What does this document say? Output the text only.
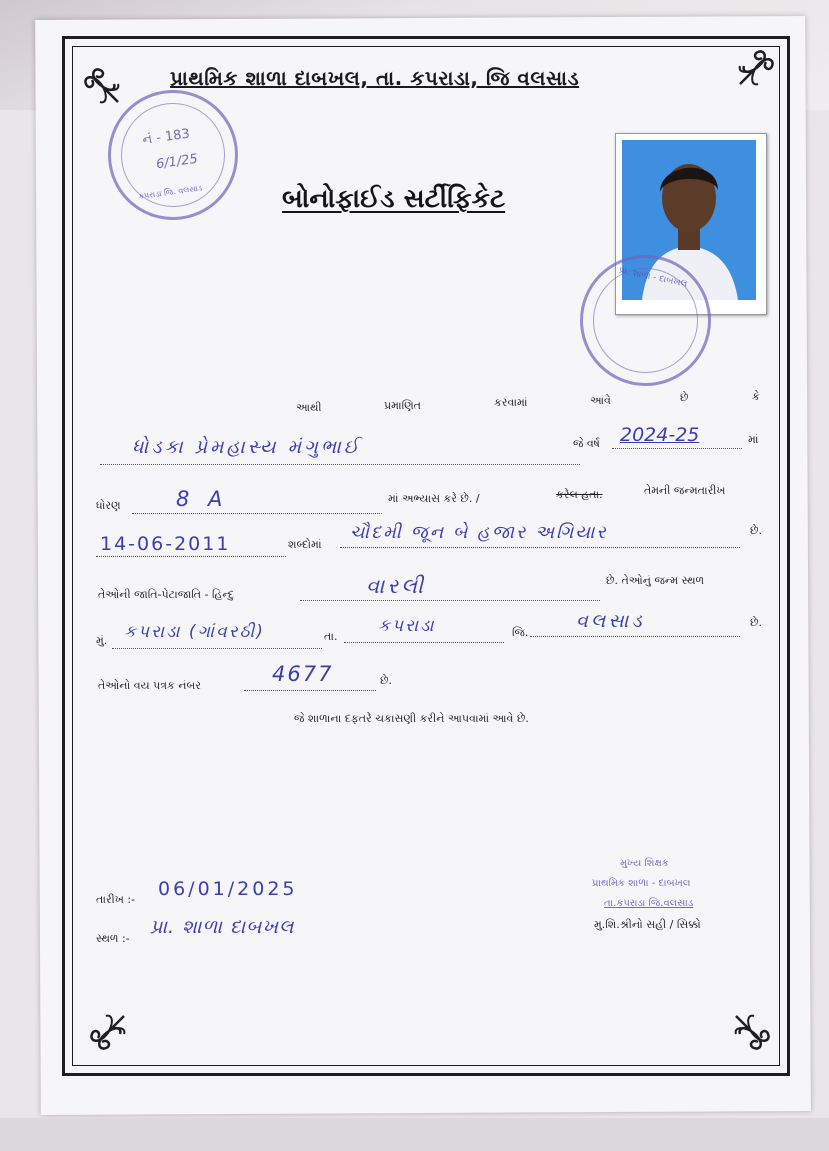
પ્રાથમિક શાળા દાબખલ, તા. કપરાડા, જિ વલસાડ
નં - 183
6/1/25
કપરાડા જિ. વલસાડ	બોનોફાઈડ સર્ટીફિકેટ
પ્રા. શાળા - દાબખલ
આથી	પ્રમાણિત	કરવામાં	આવે	છે	કે
ધોડકા પ્રેમહાસ્ય મંગુભાઈ	જે વર્ષ 2024-25	માં
ધોરણ	8 A	માં અભ્યાસ કરે છે. /	કરેલ હતા.	તેમની જન્મતારીખ
14-06-2011	શબ્દોમાં
ચૌદમી જૂન બે હજાર અગિયાર	છે.
તેઓની જાતિ-પેટાજાતિ - હિન્દુ	વારલી	છે. તેઓનું જન્મ સ્થળ
મું. કપરાડા (ગાંવરઠી)	તા.
કપરાડા	જિ.
વલસાડ	છે.
તેઓનો વય પત્રક નંબર	4677	છે.
જે શાળાના દફતરે ચકાસણી કરીને આપવામાં આવે છે.
તારીખ :- 06/01/2025
સ્થળ :-
પ્રા. શાળા દાબખલ
મુખ્ય શિક્ષક
પ્રાથમિક શાળા - દાબખલ
તા.કપરાડા જિ.વલસાડ
મુ.શિ.શ્રીનો સહી / સિક્કો
